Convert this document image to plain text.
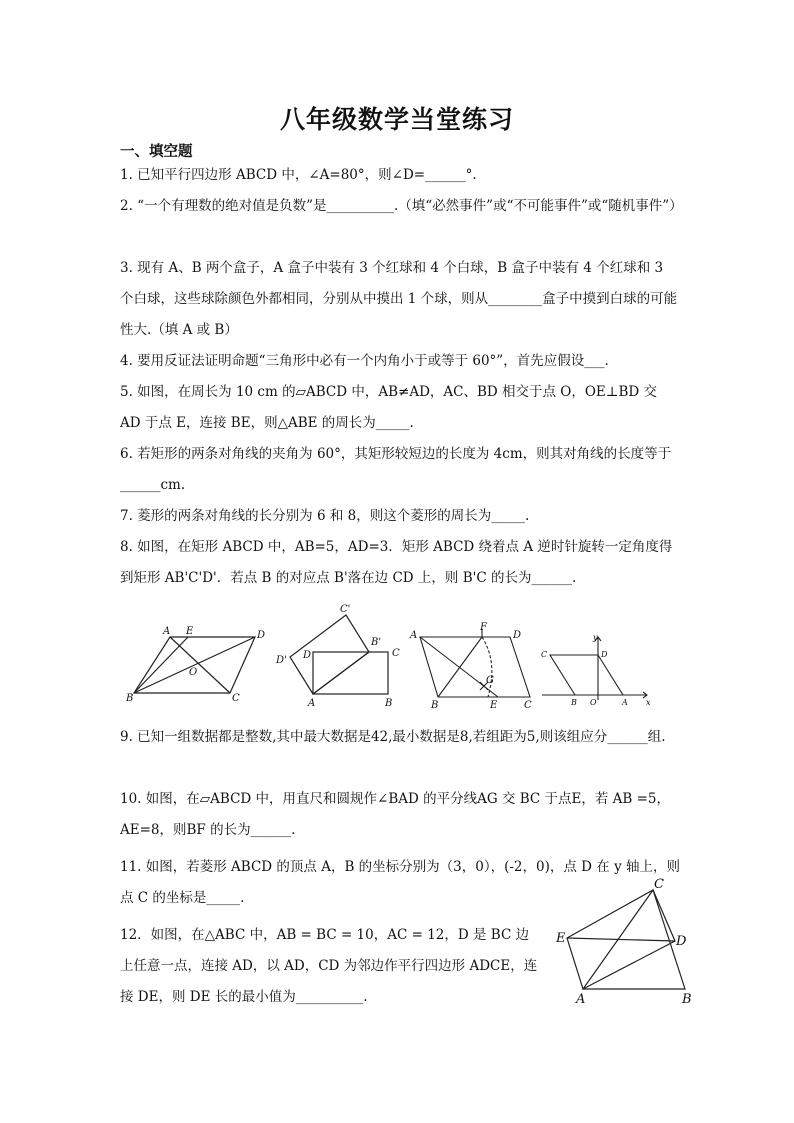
八年级数学当堂练习
一、填空题
1. 已知平行四边形 ABCD 中，∠A=80°，则∠D=______°.
2. “一个有理数的绝对值是负数”是__________.（填“必然事件”或“不可能事件”或“随机事件”）
3. 现有 A、B 两个盒子，A 盒子中装有 3 个红球和 4 个白球，B 盒子中装有 4 个红球和 3 个白球，这些球除颜色外都相同，分别从中摸出 1 个球，则从________盒子中摸到白球的可能性大.（填 A 或 B）
4. 要用反证法证明命题“三角形中必有一个内角小于或等于 60°”，首先应假设___.
5. 如图，在周长为 10 cm 的▱ABCD 中，AB≠AD，AC、BD 相交于点 O，OE⊥BD 交 AD 于点 E，连接 BE，则△ABE 的周长为_____.
6. 若矩形的两条对角线的夹角为 60°，其矩形较短边的长度为 4cm，则其对角线的长度等于______cm.
7. 菱形的两条对角线的长分别为 6 和 8，则这个菱形的周长为_____.
8. 如图，在矩形 ABCD 中，AB=5，AD=3．矩形 ABCD 绕着点 A 逆时针旋转一定角度得到矩形 AB'C'D'．若点 B 的对应点 B'落在边 CD 上，则 B'C 的长为______.
A E	D
B	C
O
C'
B'
D' D	C
A	B
A
F
D
G
B	E	C
y
C	D
B O	A x
9. 已知一组数据都是整数,其中最大数据是42,最小数据是8,若组距为5,则该组应分______组.
10. 如图，在▱ABCD 中，用直尺和圆规作∠BAD 的平分线AG 交 BC 于点E，若 AB =5，AE=8，则BF 的长为______.
11. 如图，若菱形 ABCD 的顶点 A，B 的坐标分别为（3，0），(-2，0)，点 D 在 y 轴上，则点 C 的坐标是_____.
12．如图，在△ABC 中，AB = BC = 10，AC = 12，D 是 BC 边上任意一点，连接 AD，以 AD，CD 为邻边作平行四边形 ADCE，连接 DE，则 DE 长的最小值为__________.
C
E	D
A	B
